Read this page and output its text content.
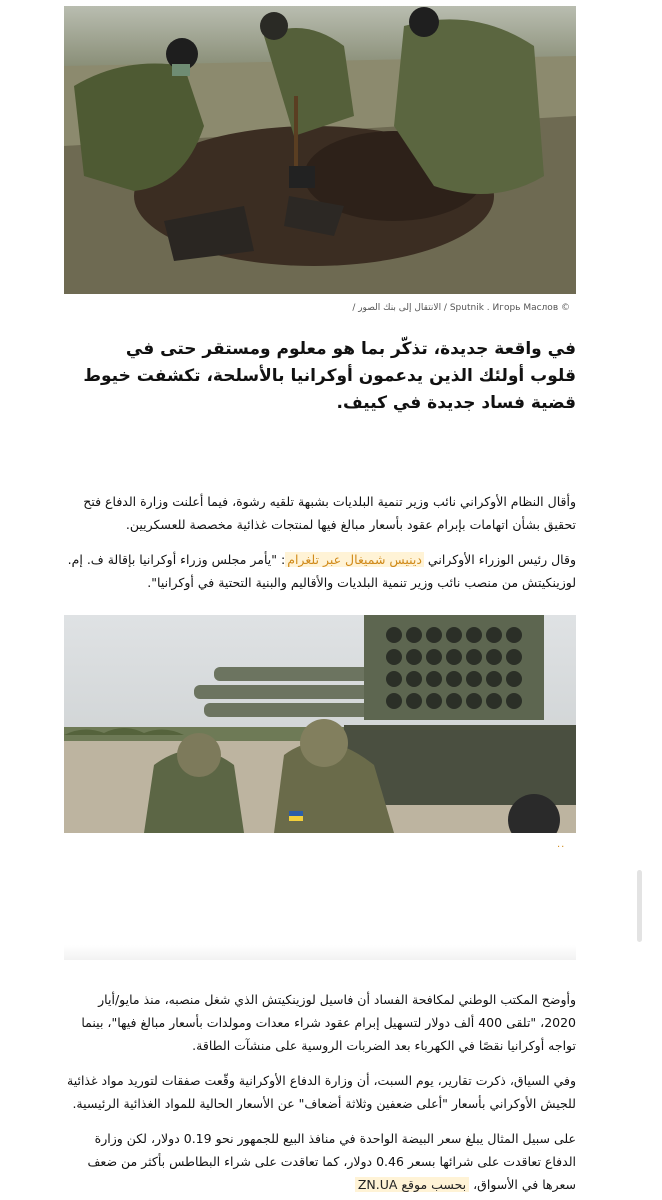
© Sputnik . Игорь Маслов / الانتقال إلى بنك الصور /
في واقعة جديدة، تذكّر بما هو معلوم ومستقر حتى في قلوب أولئك الذين يدعمون أوكرانيا بالأسلحة، تكشفت خيوط قضية فساد جديدة في كييف.
وأقال النظام الأوكراني نائب وزير تنمية البلديات بشبهة تلقيه رشوة، فيما أعلنت وزارة الدفاع فتح تحقيق بشأن اتهامات بإبرام عقود بأسعار مبالغ فيها لمنتجات غذائية مخصصة للعسكريين.
وقال رئيس الوزراء الأوكراني دينيس شميغال عبر تلغرام: "يأمر مجلس وزراء أوكرانيا بإقالة ف. إم. لوزينكيتش من منصب نائب وزير تنمية البلديات والأقاليم والبنية التحتية في أوكرانيا".
··
وأوضح المكتب الوطني لمكافحة الفساد أن فاسيل لوزينكيتش الذي شغل منصبه، منذ مايو/أيار 2020، "تلقى 400 ألف دولار لتسهيل إبرام عقود شراء معدات ومولدات بأسعار مبالغ فيها"، بينما تواجه أوكرانيا نقصًا في الكهرباء بعد الضربات الروسية على منشآت الطاقة.
وفي السياق، ذكرت تقارير، يوم السبت، أن وزارة الدفاع الأوكرانية وقّعت صفقات لتوريد مواد غذائية للجيش الأوكراني بأسعار "أعلى ضعفين وثلاثة أضعاف" عن الأسعار الحالية للمواد الغذائية الرئيسية.
على سبيل المثال يبلغ سعر البيضة الواحدة في منافذ البيع للجمهور نحو 0.19 دولار، لكن وزارة الدفاع تعاقدت على شرائها بسعر 0.46 دولار، كما تعاقدت على شراء البطاطس بأكثر من ضعف سعرها في الأسواق، بحسب موقع ZN.UA
